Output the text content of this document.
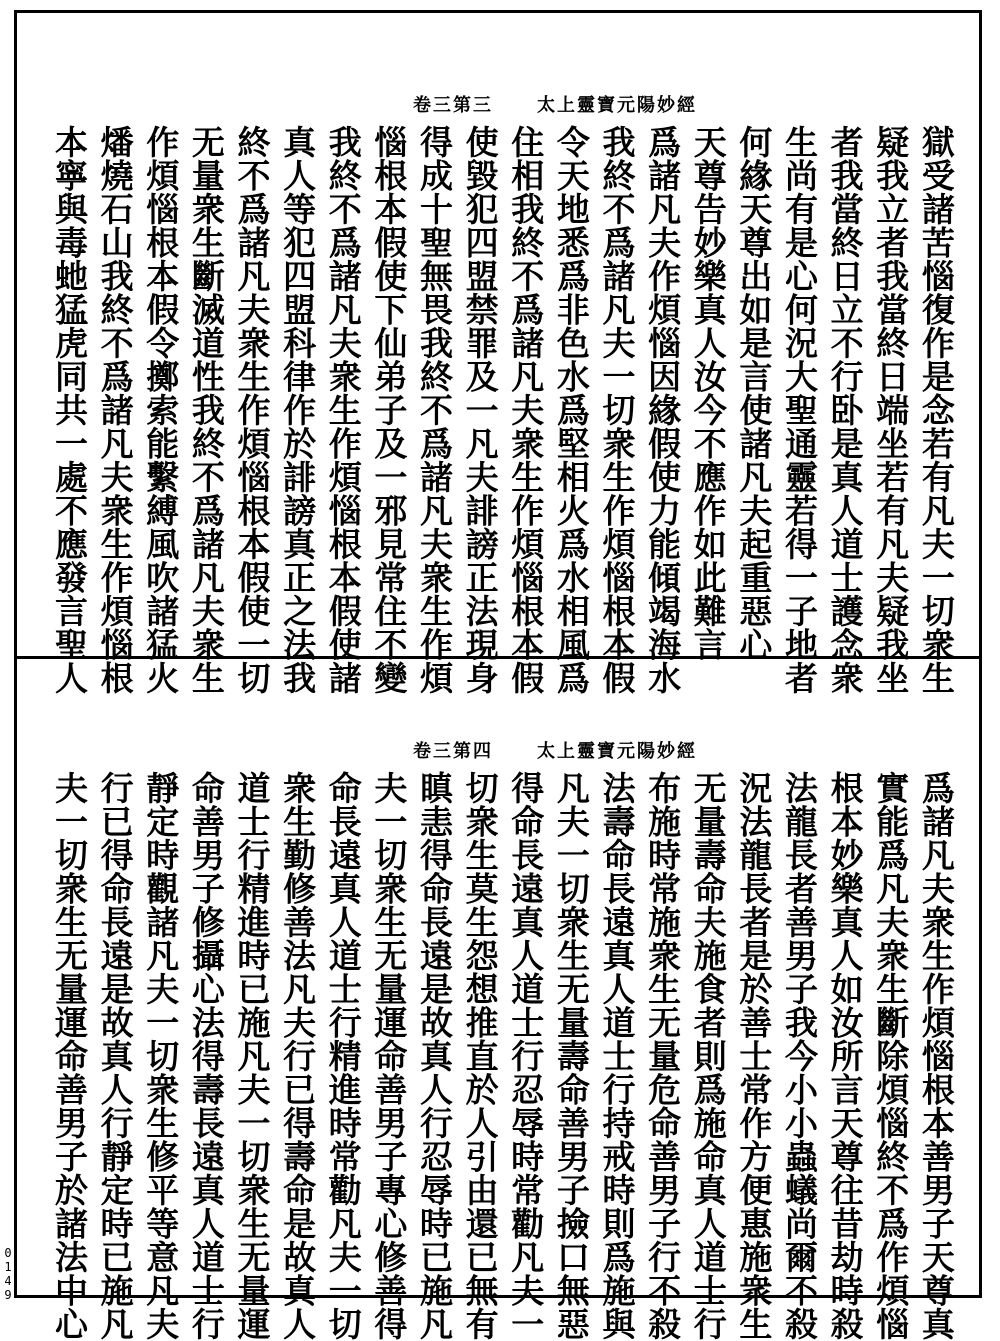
卷三第三 太上靈寶元陽妙經
獄受諸苦惱復作是念若有凡夫一切衆生
疑我立者我當終日端坐若有凡夫疑我坐
者我當終日立不行卧是真人道士護念衆
生尚有是心何況大聖通靈若得一子地者
何緣天尊出如是言使諸凡夫起重惡心
天尊告妙樂真人汝今不應作如此難言
爲諸凡夫作煩惱因緣假使力能傾竭海水
我終不爲諸凡夫一切衆生作煩惱根本假
令天地悉爲非色水爲堅相火爲水相風爲
住相我終不爲諸凡夫衆生作煩惱根本假
使毀犯四盟禁罪及一凡夫誹謗正法現身
得成十聖無畏我終不爲諸凡夫衆生作煩
惱根本假使下仙弟子及一邪見常住不變
我終不爲諸凡夫衆生作煩惱根本假使諸
真人等犯四盟科律作於誹謗真正之法我
終不爲諸凡夫衆生作煩惱根本假使一切
无量衆生斷滅道性我終不爲諸凡夫衆生
作煩惱根本假令擲索能繫縛風吹諸猛火
燔燒石山我終不爲諸凡夫衆生作煩惱根
本寧與毒虵猛虎同共一處不應發言聖人
卷三第四 太上靈寶元陽妙經
爲諸凡夫衆生作煩惱根本善男子天尊真
實能爲凡夫衆生斷除煩惱終不爲作煩惱
根本妙樂真人如汝所言天尊往昔劫時殺
法龍長者善男子我今小小蟲蟻尚爾不殺
況法龍長者是於善士常作方便惠施衆生
无量壽命夫施食者則爲施命真人道士行
布施時常施衆生无量危命善男子行不殺
法壽命長遠真人道士行持戒時則爲施與
凡夫一切衆生无量壽命善男子撿口無惡
得命長遠真人道士行忍辱時常勸凡夫一
切衆生莫生怨想推直於人引由還已無有
瞋恚得命長遠是故真人行忍辱時已施凡
夫一切衆生无量運命善男子專心修善得
命長遠真人道士行精進時常勸凡夫一切
衆生勤修善法凡夫行已得壽命是故真人
道士行精進時已施凡夫一切衆生无量運
命善男子修攝心法得壽長遠真人道士行
靜定時觀諸凡夫一切衆生修平等意凡夫
行已得命長遠是故真人行靜定時已施凡
夫一切衆生无量運命善男子於諸法中心
0149
